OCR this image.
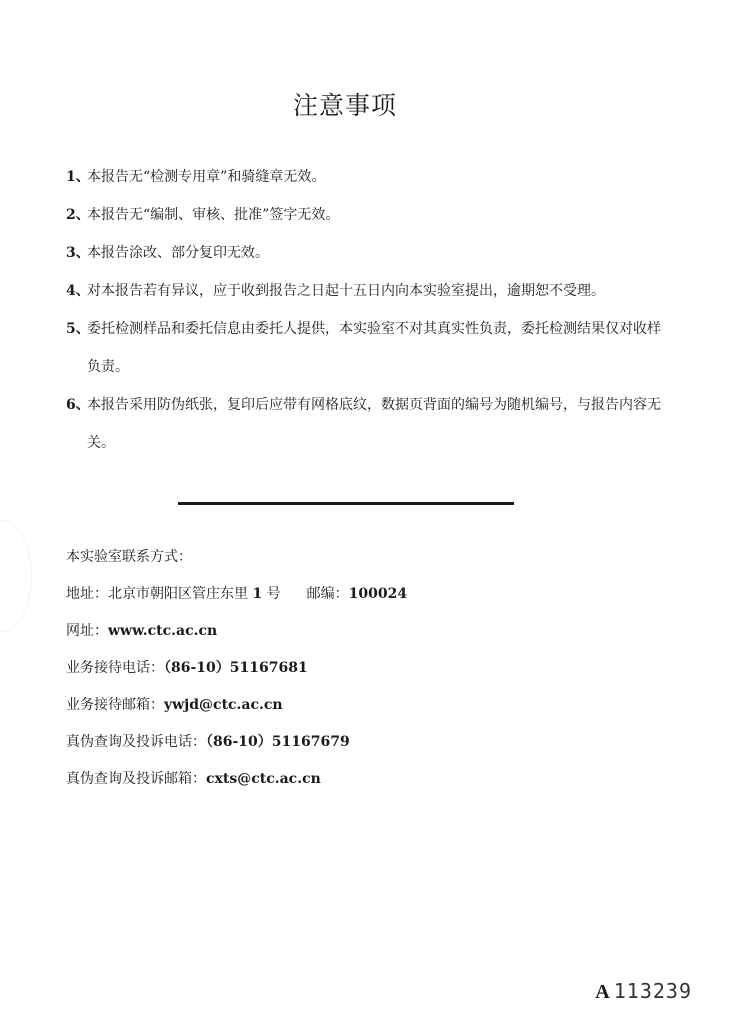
注意事项
1、
本报告无“检测专用章”和骑缝章无效。
2、
本报告无“编制、审核、批准”签字无效。
3、
本报告涂改、部分复印无效。
4、
对本报告若有异议，应于收到报告之日起十五日内向本实验室提出，逾期恕不受理。
5、
委托检测样品和委托信息由委托人提供，本实验室不对其真实性负责，委托检测结果仅对收样负责。
6、
本报告采用防伪纸张，复印后应带有网格底纹，数据页背面的编号为随机编号，与报告内容无关。
本实验室联系方式：
地址：北京市朝阳区管庄东里 1 号 邮编：100024
网址：www.ctc.ac.cn
业务接待电话：（86-10）51167681
业务接待邮箱：ywjd@ctc.ac.cn
真伪查询及投诉电话：（86-10）51167679
真伪查询及投诉邮箱：cxts@ctc.ac.cn
A 113239
